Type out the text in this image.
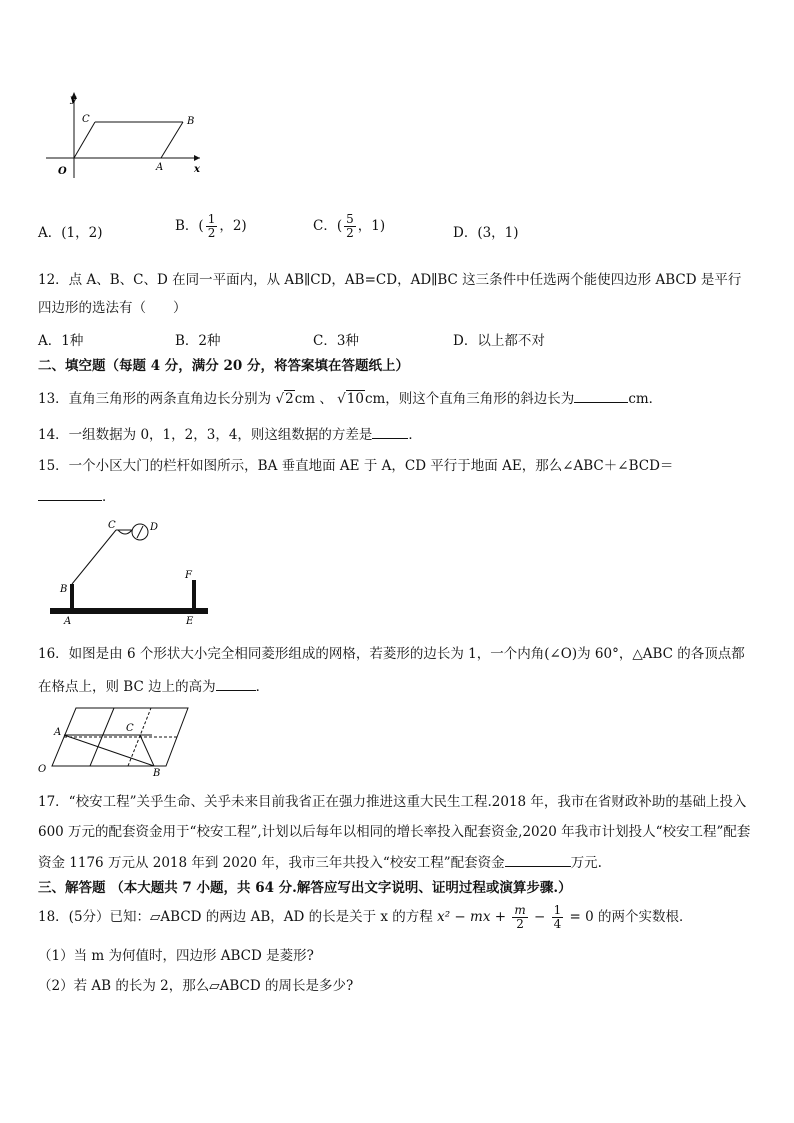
y
x
O	A
B
C
A．(1，2)	B．( $\frac{1}{2}$ ，2)	C．( $\frac{5}{2}$ ，1)	D．(3，1)
12．点 A、B、C、D 在同一平面内，从 AB∥CD，AB=CD，AD∥BC 这三条件中任选两个能使四边形 ABCD 是平行
四边形的选法有（　　）
A．1种	B．2种	C．3种	D．以上都不对
二、填空题（每题 4 分，满分 20 分，将答案填在答题纸上）
13．直角三角形的两条直角边长分别为 √2cm 、 √10cm，则这个直角三角形的斜边长为	cm．
14．一组数据为 0，1，2，3，4，则这组数据的方差是	．
15．一个小区大门的栏杆如图所示，BA 垂直地面 AE 于 A，CD 平行于地面 AE，那么∠ABC＋∠BCD＝
．
C	D
B
F
A	E
16．如图是由 6 个形状大小完全相同菱形组成的网格，若菱形的边长为 1，一个内角(∠O)为 60°，△ABC 的各顶点都
在格点上，则 BC 边上的高为	．
A	C
O	B
17．“校安工程”关乎生命、关乎未来目前我省正在强力推进这重大民生工程.2018 年，我市在省财政补助的基础上投入
600 万元的配套资金用于“校安工程”,计划以后每年以相同的增长率投入配套资金,2020 年我市计划投人“校安工程”配套
资金 1176 万元从 2018 年到 2020 年，我市三年共投入“校安工程”配套资金	万元.
三、解答题 （本大题共 7 小题，共 64 分.解答应写出文字说明、证明过程或演算步骤.）
18．(5分）已知：▱ABCD 的两边 AB，AD 的长是关于 x 的方程 x² − mx + $\frac{m}{2} - \frac{1}{4} = 0$ 的两个实数根．
（1）当 m 为何值时，四边形 ABCD 是菱形?
（2）若 AB 的长为 2，那么▱ABCD 的周长是多少?
